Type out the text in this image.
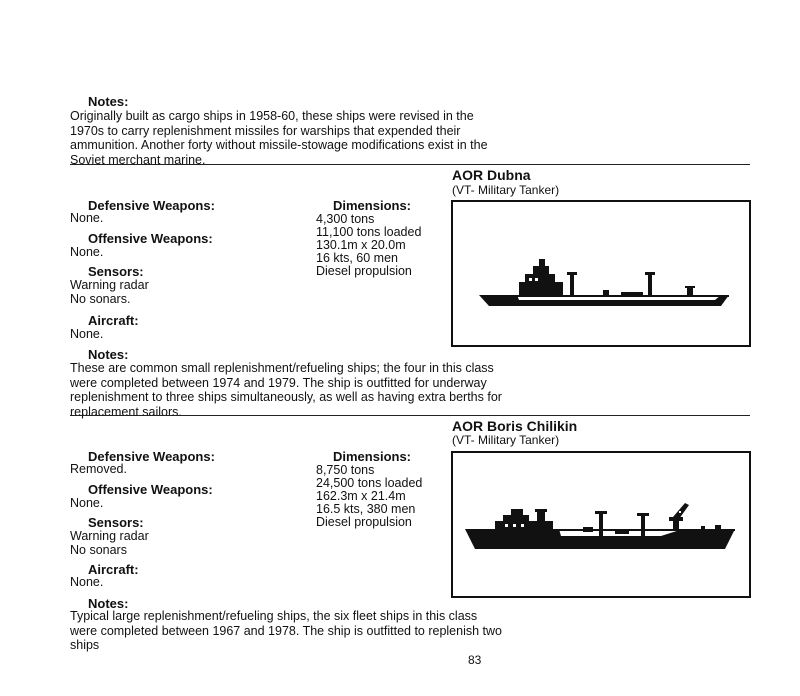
Notes:
Originally built as cargo ships in 1958-60, these ships were revised in the 1970s to carry replenishment missiles for warships that expended their ammunition. Another forty without missile-stowage modifications exist in the Soviet merchant marine.
AOR Dubna
(VT- Military Tanker)
Defensive Weapons:
None.
Offensive Weapons:
None.
Sensors:
Warning radar
No sonars.
Aircraft:
None.
Dimensions:
4,300 tons
11,100 tons loaded
130.1m x 20.0m
16 kts, 60 men
Diesel propulsion
Notes:
These are common small replenishment/refueling ships; the four in this class were completed between 1974 and 1979. The ship is outfitted for underway replenishment to three ships simultaneously, as well as having extra berths for replacement sailors.
AOR Boris Chilikin
(VT- Military Tanker)
Defensive Weapons:
Removed.
Offensive Weapons:
None.
Sensors:
Warning radar
No sonars
Aircraft:
None.
Dimensions:
8,750 tons
24,500 tons loaded
162.3m x 21.4m
16.5 kts, 380 men
Diesel propulsion
Notes:
Typical large replenishment/refueling ships, the six fleet ships in this class were completed between 1967 and 1978. The ship is outfitted to replenish two ships
83
